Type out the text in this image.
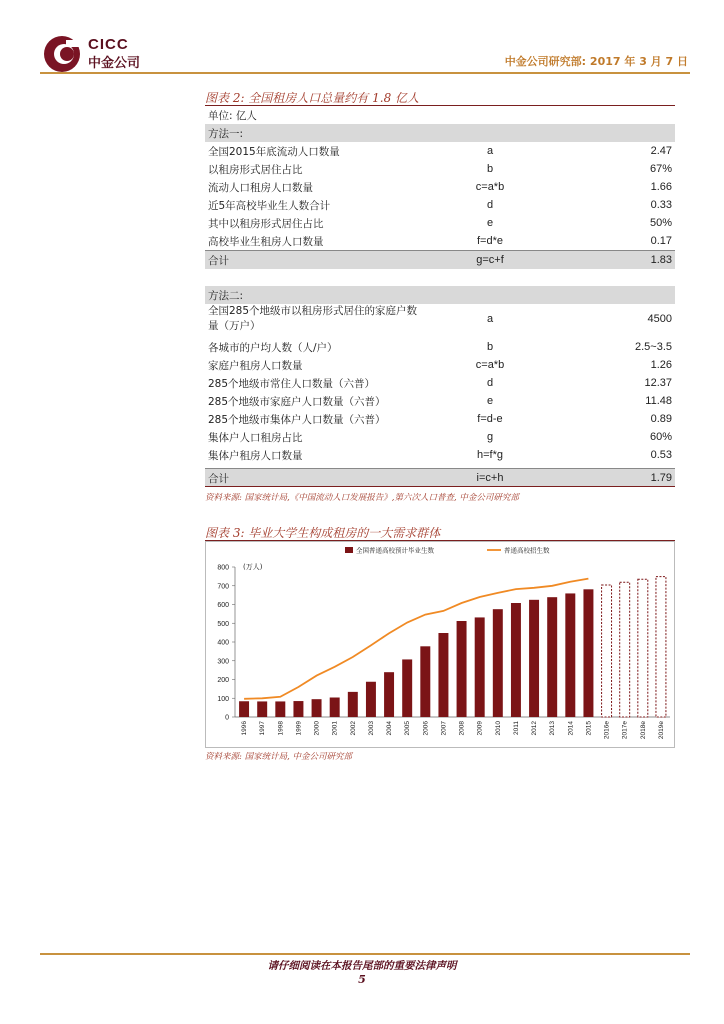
CICC
中金公司	中金公司研究部: 2017 年 3 月 7 日
图表 2: 全国租房人口总量约有 1.8 亿人
单位: 亿人
方法一:
全国2015年底流动人口数量	a	2.47
以租房形式居住占比	b	67%
流动人口租房人口数量	c=a*b	1.66
近5年高校毕业生人数合计	d	0.33
其中以租房形式居住占比	e	50%
高校毕业生租房人口数量	f=d*e	0.17
合计	g=c+f	1.83
方法二:
全国285个地级市以租房形式居住的家庭户数量（万户）
a	4500
各城市的户均人数（人/户）	b	2.5~3.5
家庭户租房人口数量	c=a*b	1.26
285个地级市常住人口数量（六普）	d	12.37
285个地级市家庭户人口数量（六普）	e	11.48
285个地级市集体户人口数量（六普）	f=d-e	0.89
集体户人口租房占比	g	60%
集体户租房人口数量	h=f*g	0.53
合计	i=c+h	1.79
资料来源: 国家统计局,《中国流动人口发展报告》,第六次人口普查, 中金公司研究部
图表 3: 毕业大学生构成租房的一大需求群体
0
100
200
300
400
500
600
700
800 (万人)
1996 1997 1998 1999 2000 2001 2002 2003 2004 2005 2006 2007 2008 2009 2010 2011 2012 2013 2014 2015 2016e 2017e 2018e 2019e
全国普通高校预计毕业生数	普通高校招生数
资料来源: 国家统计局, 中金公司研究部
请仔细阅读在本报告尾部的重要法律声明
5
